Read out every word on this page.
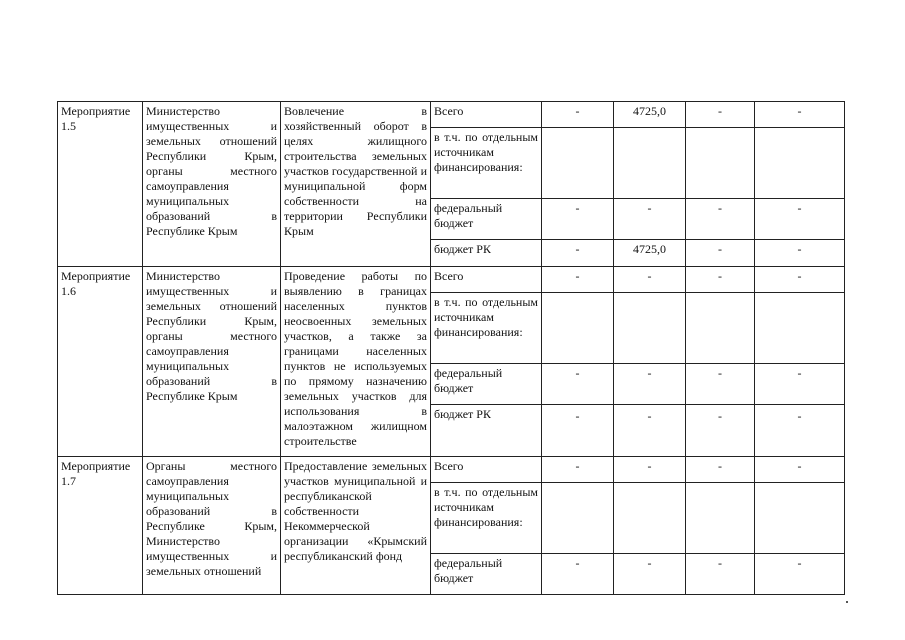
Мероприятие 1.5	Министерство имущественных и земельных отношений Республики Крым, органы местного самоуправления муниципальных образований в Республике Крым	Вовлечение в хозяйственный оборот в целях жилищного строительства земельных участков государственной и муниципальной форм собственности на территории Республики Крым	Всего	-	4725,0	-	-
			в т.ч. по отдельным источникам финансирования:				
			федеральный бюджет	-	-	-	-
			бюджет РК	-	4725,0	-	-
Мероприятие 1.6	Министерство имущественных и земельных отношений Республики Крым, органы местного самоуправления муниципальных образований в Республике Крым	Проведение работы по выявлению в границах населенных пунктов неосвоенных земельных участков, а также за границами населенных пунктов не используемых по прямому назначению земельных участков для использования в малоэтажном жилищном строительстве	Всего	-	-	-	-
			в т.ч. по отдельным источникам финансирования:				
			федеральный бюджет	-	-	-	-
			бюджет РК	-	-	-	-
Мероприятие 1.7	Органы местного самоуправления муниципальных образований в Республике Крым, Министерство имущественных и земельных отношений	Предоставление земельных участков муниципальной и республиканской собственности Некоммерческой организации «Крымский республиканский фонд	Всего	-	-	-	-
			в т.ч. по отдельным источникам финансирования:				
			федеральный бюджет	-	-	-	-
